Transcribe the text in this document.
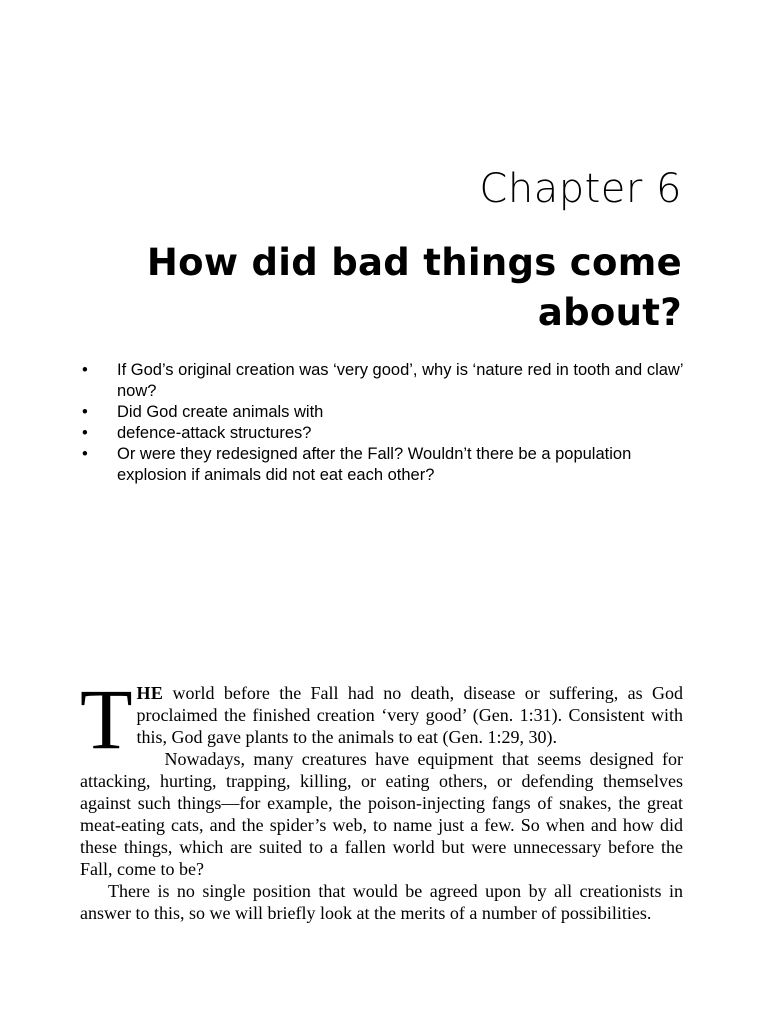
Chapter 6
How did bad things come about?
•	If God’s original creation was ‘very good’, why is ‘nature red in tooth and claw’ now?
•	Did God create animals with
•	defence-attack structures?
•	Or were they redesigned after the Fall? Wouldn’t there be a population explosion if animals did not eat each other?

THE world before the Fall had no death, disease or suffering, as God proclaimed the finished creation ‘very good’ (Gen. 1:31). Consistent with this, God gave plants to the animals to eat (Gen. 1:29, 30).

Nowadays, many creatures have equipment that seems designed for attacking, hurting, trapping, killing, or eating others, or defending themselves against such things—for example, the poison-injecting fangs of snakes, the great meat-eating cats, and the spider’s web, to name just a few. So when and how did these things, which are suited to a fallen world but were unnecessary before the Fall, come to be?

There is no single position that would be agreed upon by all creationists in answer to this, so we will briefly look at the merits of a number of possibilities.
